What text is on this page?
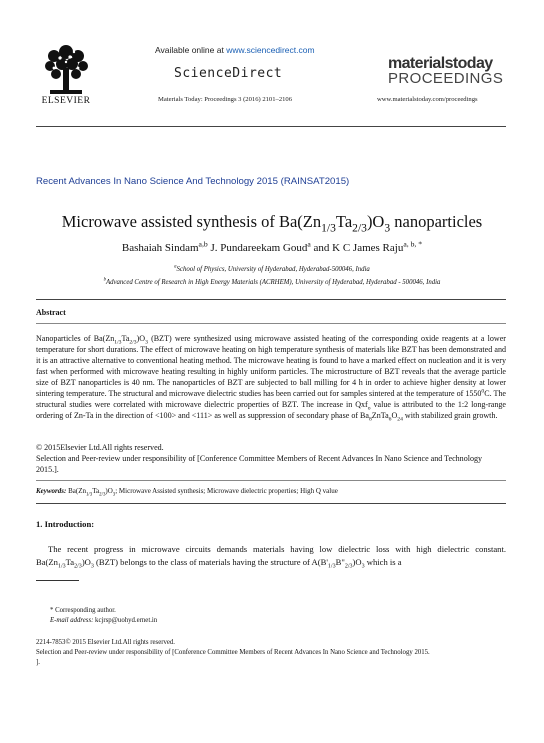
Available online at www.sciencedirect.com
ScienceDirect
Materials Today: Proceedings 3 (2016) 2101–2106	www.materialstoday.com/proceedings
ELSEVIER
materialstoday
PROCEEDINGS
Recent Advances In Nano Science And Technology 2015 (RAINSAT2015)
Microwave assisted synthesis of $Ba(Zn_{1/3}Ta_{2/3})O_3$ nanoparticles
Bashaiah Sindam$^{a,b}$ J. Pundareekam Goud$^a$ and K C James Raju$^{a, b, *}$
$^a$School of Physics, University of Hyderabad, Hyderabad-500046, India
$^b$Advanced Centre of Research in High Energy Materials (ACRHEM), University of Hyderabad, Hyderabad - 500046, India
Abstract
Nanoparticles of $Ba(Zn_{1/3}Ta_{2/3})O_3$ (BZT) were synthesized using microwave assisted heating of the corresponding oxide reagents at a lower temperature for short durations. The effect of microwave heating on high temperature synthesis of materials like BZT has been demonstrated and it is an attractive alternative to conventional heating method. The microwave heating is found to have a marked effect on nucleation and it is very fast when performed with microwave heating resulting in highly uniform particles. The microstructure of BZT reveals that the average particle size of BZT nanoparticles is 40 nm. The nanoparticles of BZT are subjected to ball milling for 4 h in order to achieve higher density at lower sintering temperature. The structural and microwave dielectric studies has been carried out for samples sintered at the temperature of 1550$^0$C. The structural studies were correlated with microwave dielectric properties of BZT. The increase in Qxf$_o$ value is attributed to the 1:2 long-range ordering of Zn-Ta in the direction of <100> and <111> as well as suppression of secondary phase of $Ba_8ZnTa_6O_{24}$ with stabilized grain growth.
© 2015Elsevier Ltd.All rights reserved.
Selection and Peer-review under responsibility of [Conference Committee Members of Recent Advances In Nano Science and Technology 2015.].
Keywords: $Ba(Zn_{1/3}Ta_{2/3})O_3$; Microwave Assisted synthesis; Microwave dielectric properties; High Q value
1. Introduction:
The recent progress in microwave circuits demands materials having low dielectric loss with high dielectric constant. $Ba(Zn_{1/3}Ta_{2/3})O_3$ (BZT) belongs to the class of materials having the structure of $A(B'_{1/3}B"_{2/3})O_3$ which is a
* Corresponding author.
E-mail address: kcjrsp@uohyd.ernet.in
2214-7853© 2015 Elsevier Ltd.All rights reserved.
Selection and Peer-review under responsibility of [Conference Committee Members of Recent Advances In Nano Science and Technology 2015.
].
